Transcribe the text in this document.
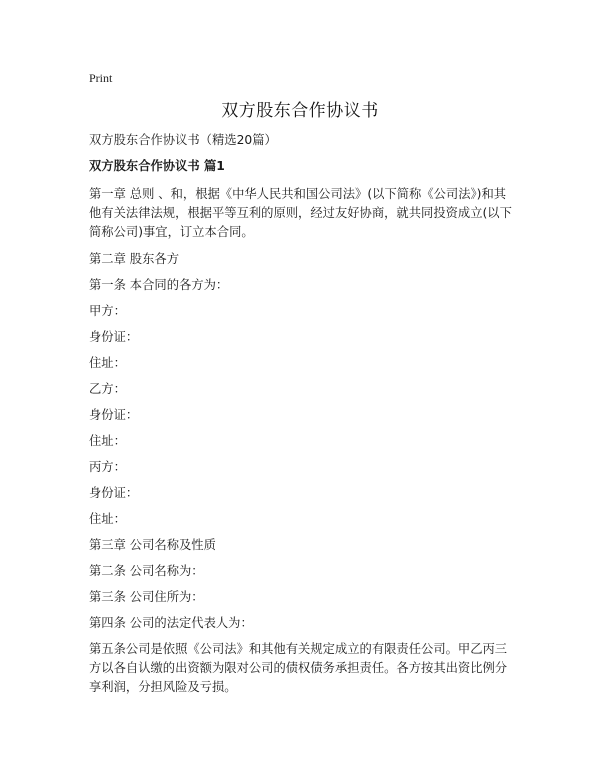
Print
双方股东合作协议书

双方股东合作协议书（精选20篇）

双方股东合作协议书 篇1

第一章 总则 、和，根据《中华人民共和国公司法》(以下简称《公司法》)和其他有关法律法规，根据平等互利的原则，经过友好协商，就共同投资成立(以下简称公司)事宜，订立本合同。

第二章 股东各方

第一条 本合同的各方为：

甲方：

身份证：

住址：

乙方：

身份证：

住址：

丙方：

身份证：

住址：

第三章 公司名称及性质

第二条 公司名称为：

第三条 公司住所为：

第四条 公司的法定代表人为：

第五条公司是依照《公司法》和其他有关规定成立的有限责任公司。甲乙丙三方以各自认缴的出资额为限对公司的债权债务承担责任。各方按其出资比例分享利润，分担风险及亏损。
